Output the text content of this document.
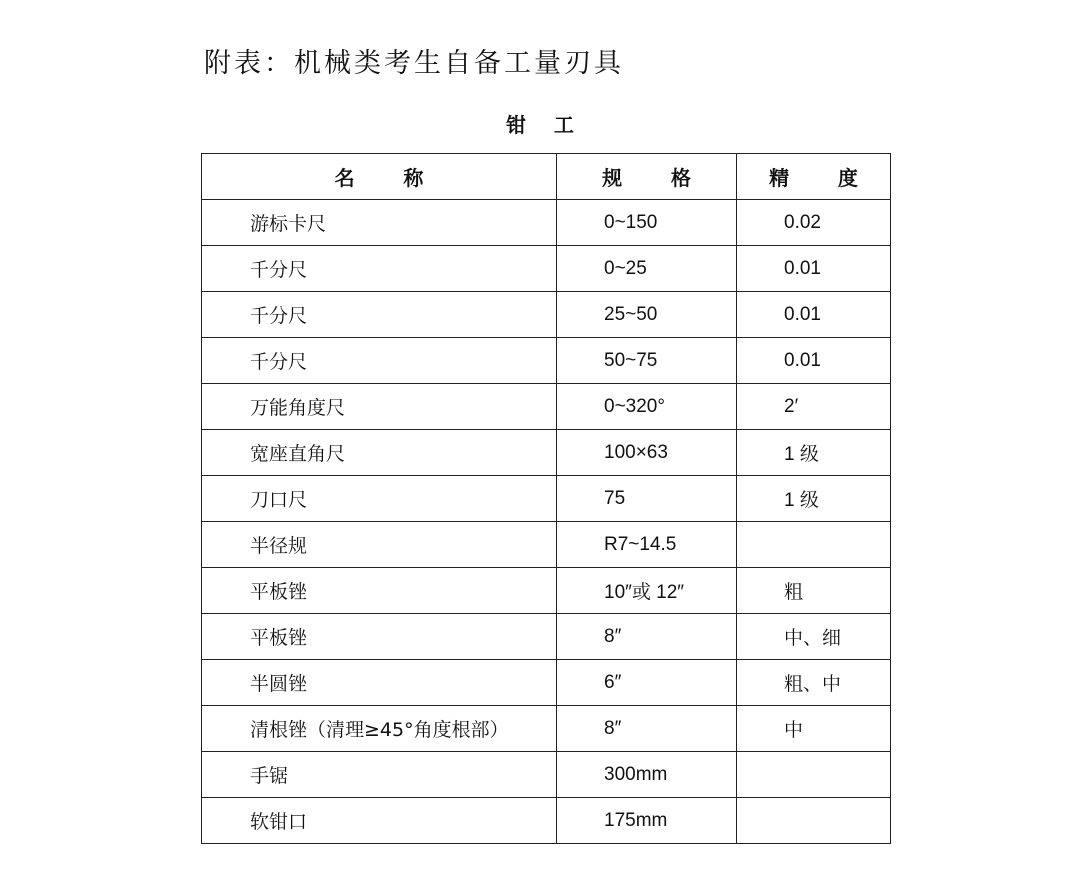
附表：机械类考生自备工量刃具
钳    工
名       称	规       格	精       度
游标卡尺	0~150	0.02
千分尺	0~25	0.01
千分尺	25~50	0.01
千分尺	50~75	0.01
万能角度尺	0~320°	2′
宽座直角尺	100×63	1 级
刀口尺	75	1 级
半径规	R7~14.5	
平板锉	10″或 12″	粗
平板锉	8″	中、细
半圆锉	6″	粗、中
清根锉（清理≥45°角度根部）	8″	中
手锯	300mm	
软钳口	175mm	
